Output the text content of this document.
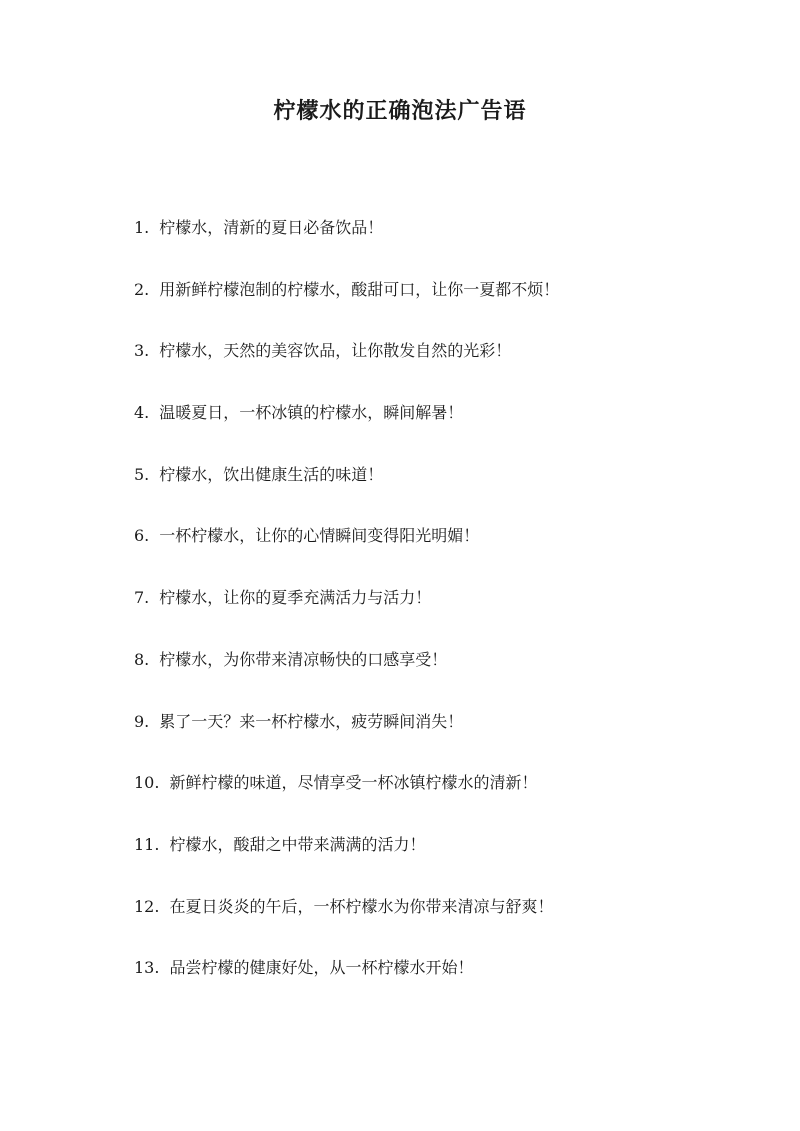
柠檬水的正确泡法广告语
1. 柠檬水，清新的夏日必备饮品！
2. 用新鲜柠檬泡制的柠檬水，酸甜可口，让你一夏都不烦！
3. 柠檬水，天然的美容饮品，让你散发自然的光彩！
4. 温暖夏日，一杯冰镇的柠檬水，瞬间解暑！
5. 柠檬水，饮出健康生活的味道！
6. 一杯柠檬水，让你的心情瞬间变得阳光明媚！
7. 柠檬水，让你的夏季充满活力与活力！
8. 柠檬水，为你带来清凉畅快的口感享受！
9. 累了一天？来一杯柠檬水，疲劳瞬间消失！
10. 新鲜柠檬的味道，尽情享受一杯冰镇柠檬水的清新！
11. 柠檬水，酸甜之中带来满满的活力！
12. 在夏日炎炎的午后，一杯柠檬水为你带来清凉与舒爽！
13. 品尝柠檬的健康好处，从一杯柠檬水开始！
